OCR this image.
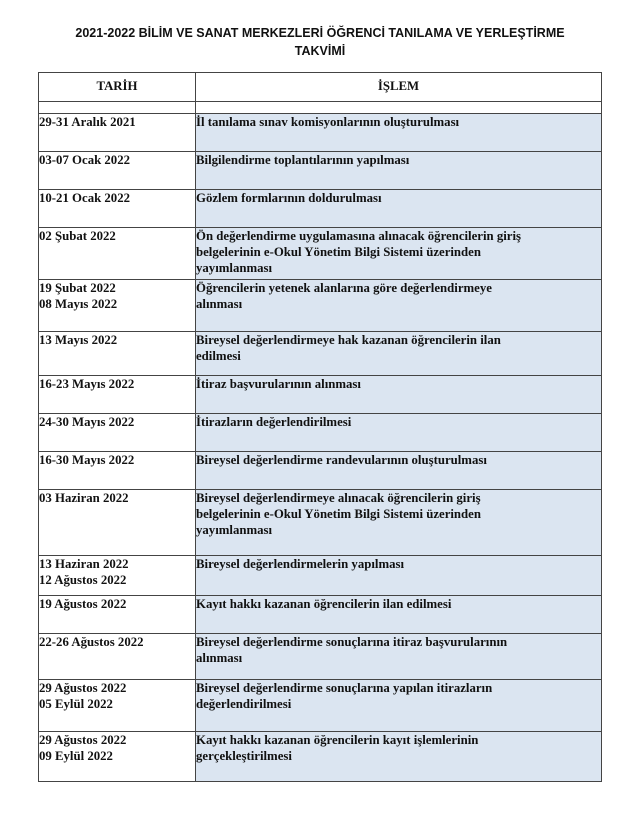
2021-2022 BİLİM VE SANAT MERKEZLERİ ÖĞRENCİ TANILAMA VE YERLEŞTİRME
TAKVİMİ
TARİH	İŞLEM

29-31 Aralık 2021	İl tanılama sınav komisyonlarının oluşturulması

03-07 Ocak 2022	Bilgilendirme toplantılarının yapılması

10-21 Ocak 2022	Gözlem formlarının doldurulması

02 Şubat 2022	Ön değerlendirme uygulamasına alınacak öğrencilerin giriş
belgelerinin e-Okul Yönetim Bilgi Sistemi üzerinden
yayımlanması

19 Şubat 2022
08 Mayıs 2022	Öğrencilerin yetenek alanlarına göre değerlendirmeye
alınması

13 Mayıs 2022	Bireysel değerlendirmeye hak kazanan öğrencilerin ilan
edilmesi

16-23 Mayıs 2022	İtiraz başvurularının alınması

24-30 Mayıs 2022	İtirazların değerlendirilmesi

16-30 Mayıs 2022	Bireysel değerlendirme randevularının oluşturulması

03 Haziran 2022	Bireysel değerlendirmeye alınacak öğrencilerin giriş
belgelerinin e-Okul Yönetim Bilgi Sistemi üzerinden
yayımlanması

13 Haziran 2022
12 Ağustos 2022	Bireysel değerlendirmelerin yapılması

19 Ağustos 2022	Kayıt hakkı kazanan öğrencilerin ilan edilmesi

22-26 Ağustos 2022	Bireysel değerlendirme sonuçlarına itiraz başvurularının
alınması

29 Ağustos 2022
05 Eylül 2022	Bireysel değerlendirme sonuçlarına yapılan itirazların
değerlendirilmesi

29 Ağustos 2022
09 Eylül 2022	Kayıt hakkı kazanan öğrencilerin kayıt işlemlerinin
gerçekleştirilmesi
